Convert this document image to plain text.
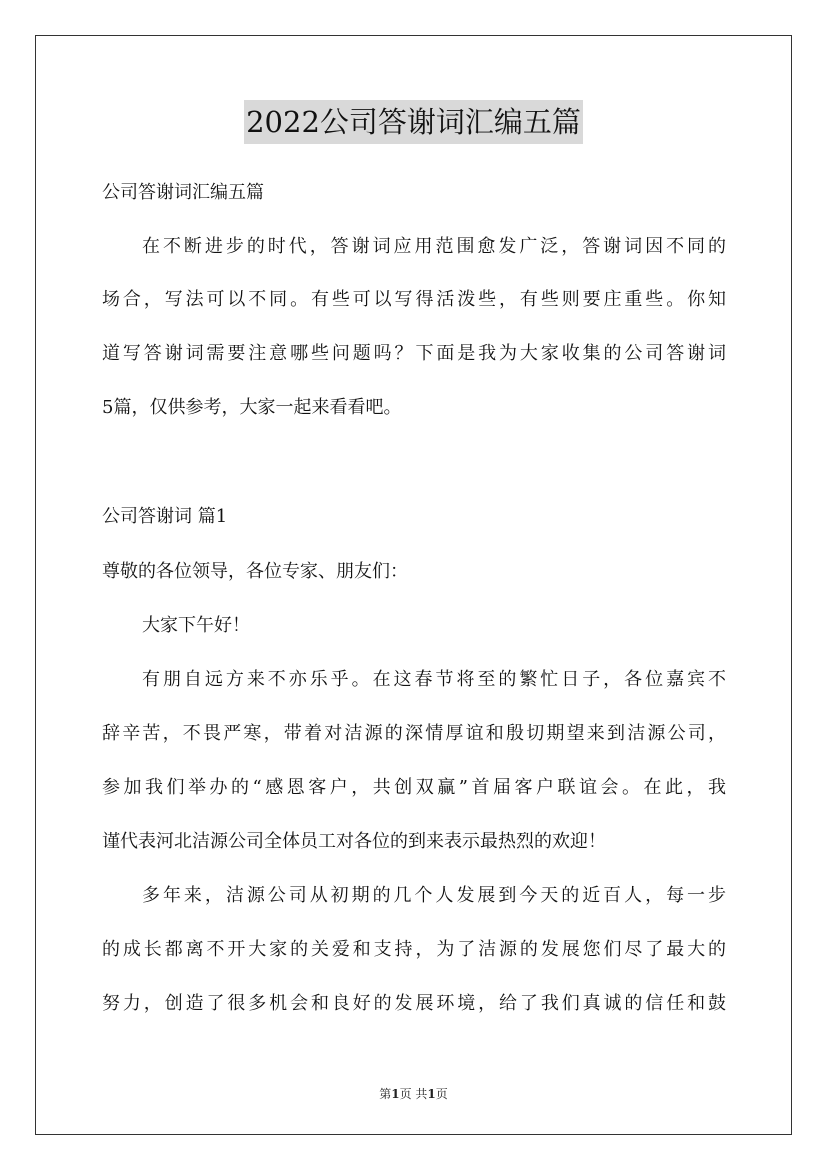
2022公司答谢词汇编五篇
公司答谢词汇编五篇
在不断进步的时代，答谢词应用范围愈发广泛，答谢词因不同的
场合，写法可以不同。有些可以写得活泼些，有些则要庄重些。你知
道写答谢词需要注意哪些问题吗？下面是我为大家收集的公司答谢词
5篇，仅供参考，大家一起来看看吧。
公司答谢词 篇1
尊敬的各位领导，各位专家、朋友们：
大家下午好！
有朋自远方来不亦乐乎。在这春节将至的繁忙日子，各位嘉宾不
辞辛苦，不畏严寒，带着对洁源的深情厚谊和殷切期望来到洁源公司，
参加我们举办的“感恩客户，共创双赢”首届客户联谊会。在此，我
谨代表河北洁源公司全体员工对各位的到来表示最热烈的欢迎！
多年来，洁源公司从初期的几个人发展到今天的近百人，每一步
的成长都离不开大家的关爱和支持，为了洁源的发展您们尽了最大的
努力，创造了很多机会和良好的发展环境，给了我们真诚的信任和鼓
第1页 共1页
